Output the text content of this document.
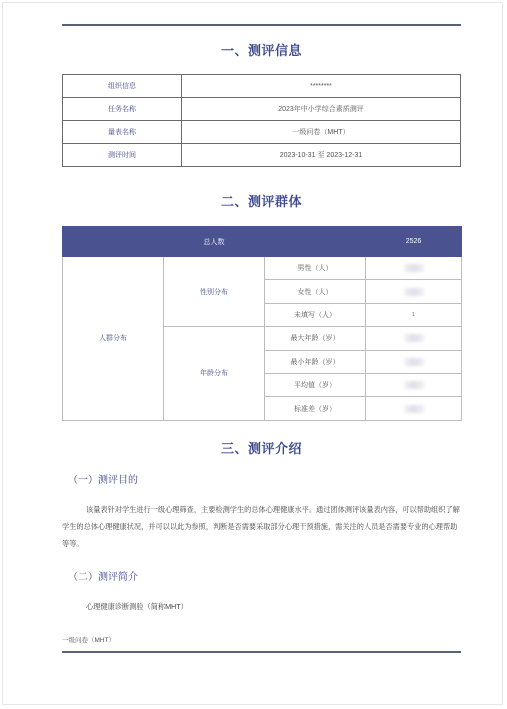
一、测评信息
组织信息	********
任务名称	2023年中小学综合素质测评
量表名称	一级问卷（MHT）
测评时间	2023-10-31 至 2023-12-31
二、测评群体
总人数			2526
人群分布	性别分布	男性（人）	
		女性（人）	
		未填写（人）	1
	年龄分布	最大年龄（岁）	
		最小年龄（岁）	
		平均值（岁）	
		标准差（岁）	
三、测评介绍
（一）测评目的

该量表针对学生进行一级心理筛查，主要检测学生的总体心理健康水平。通过团体测评该量表内容，可以帮助组织了解学生的总体心理健康状况，并可以以此为参照，判断是否需要采取部分心理干预措施，需关注的人员是否需要专业的心理帮助等等。

（二）测评简介

心理健康诊断测验（简称MHT）

一级问卷（MHT）
